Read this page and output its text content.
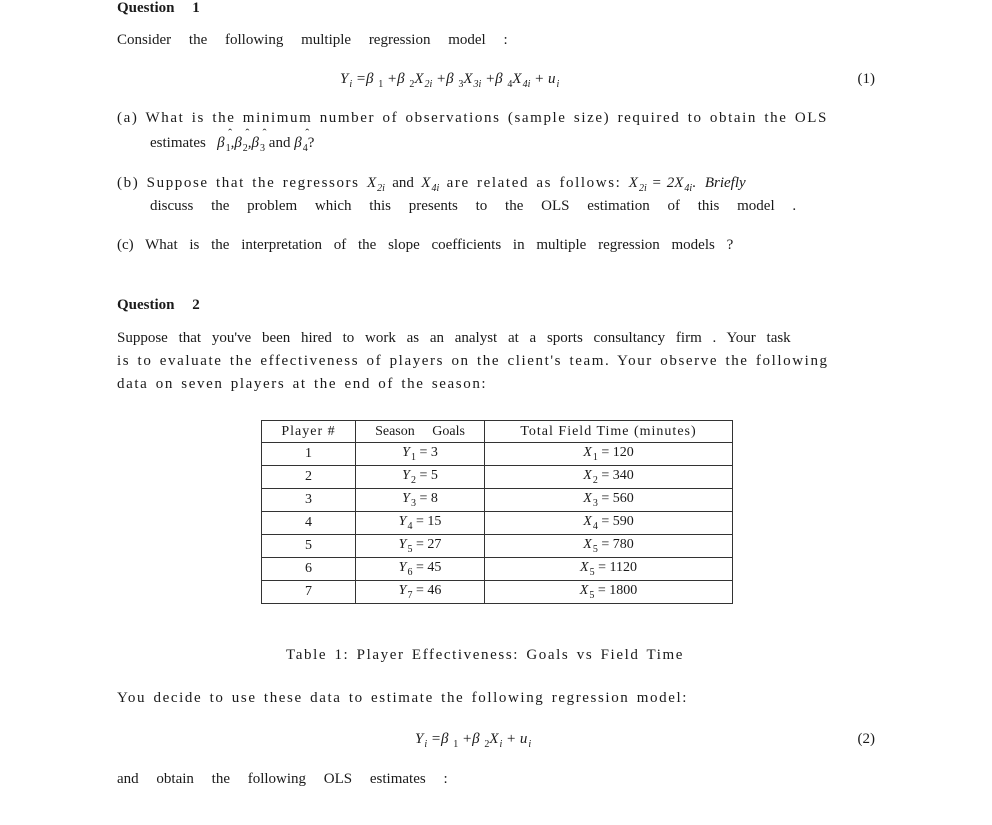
Question 1
Consider the following multiple regression model :
$Y_i =\beta$ $_1$ +β $_2X_{2i} +\beta$ $_3X_{3i} +\beta$ $_4X_{4i} + u_i$	(1)
(a) What is the minimum number of observations (sample size) required to obtain the OLS
estimates β ˆ$_1$,β ˆ$_2$,β ˆ$_3$ and β ˆ$_4$?
(b) Suppose that the regressors $X_{2i}$ and $X_{4i}$ are related as follows: $X_{2i} = 2X_{4i}$. Briefly
discuss the problem which this presents to the OLS estimation of this model .
(c) What is the interpretation of the slope coefficients in multiple regression models ?
Question 2
Suppose that you've been hired to work as an analyst at a sports consultancy firm . Your task
is to evaluate the effectiveness of players on the client's team. Your observe the following
data on seven players at the end of the season:
Player #	Season Goals	Total Field Time (minutes)
1	$Y_1 = 3$	$X_1 = 120$
2	$Y_2 = 5$	$X_2 = 340$
3	$Y_3 = 8$	$X_3 = 560$
4	$Y_4 = 15$	$X_4 = 590$
5	$Y_5 = 27$	$X_5 = 780$
6	$Y_6 = 45$	$X_5 = 1120$
7	$Y_7 = 46$	$X_5 = 1800$
Table 1: Player Effectiveness: Goals vs Field Time
You decide to use these data to estimate the following regression model:
$Y_i =\beta$ $_1$ +β $_2X_i + u_i$	(2)
and obtain the following OLS estimates :
